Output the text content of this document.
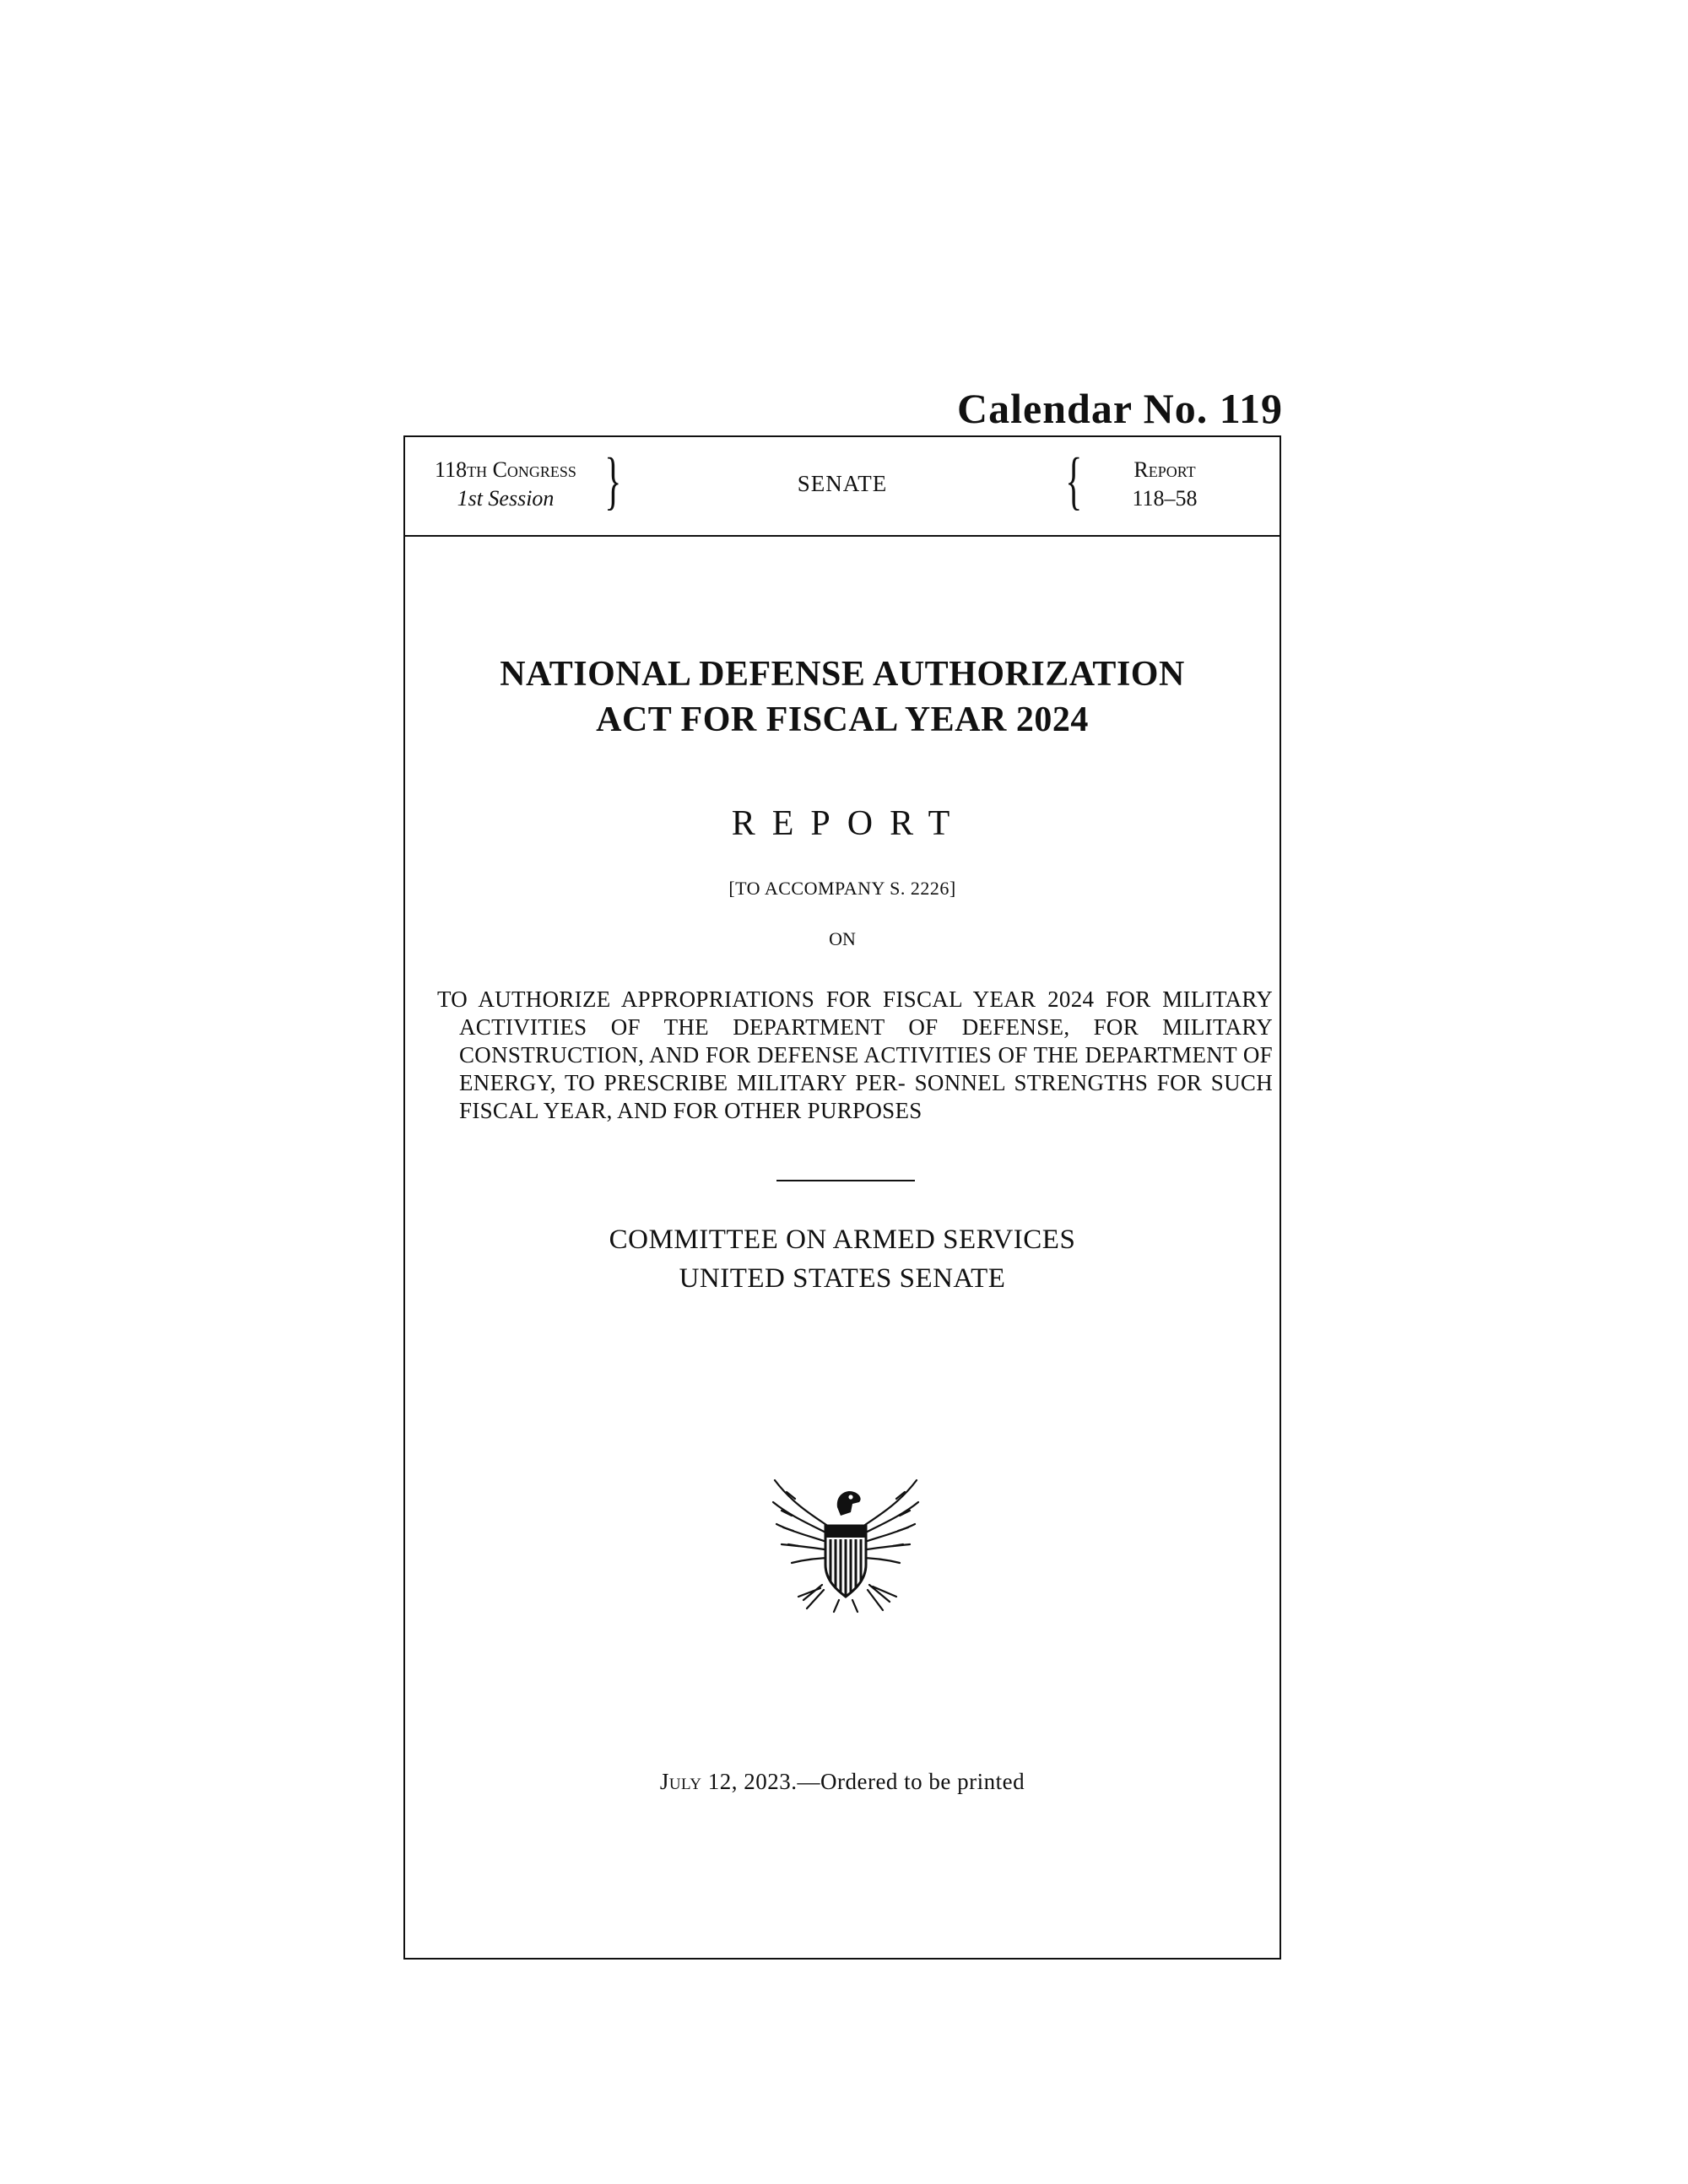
Calendar No. 119
118th Congress
1st Session }	SENATE	{	Report
118–58
NATIONAL DEFENSE AUTHORIZATION
ACT FOR FISCAL YEAR 2024
REPORT
[TO ACCOMPANY S. 2226]
ON

TO AUTHORIZE APPROPRIATIONS FOR FISCAL YEAR 2024 FOR MILITARY ACTIVITIES OF THE DEPARTMENT OF DEFENSE, FOR MILITARY CONSTRUCTION, AND FOR DEFENSE ACTIVITIES OF THE DEPARTMENT OF ENERGY, TO PRESCRIBE MILITARY PER- SONNEL STRENGTHS FOR SUCH FISCAL YEAR, AND FOR OTHER PURPOSES

COMMITTEE ON ARMED SERVICES
UNITED STATES SENATE
July 12, 2023.—Ordered to be printed
